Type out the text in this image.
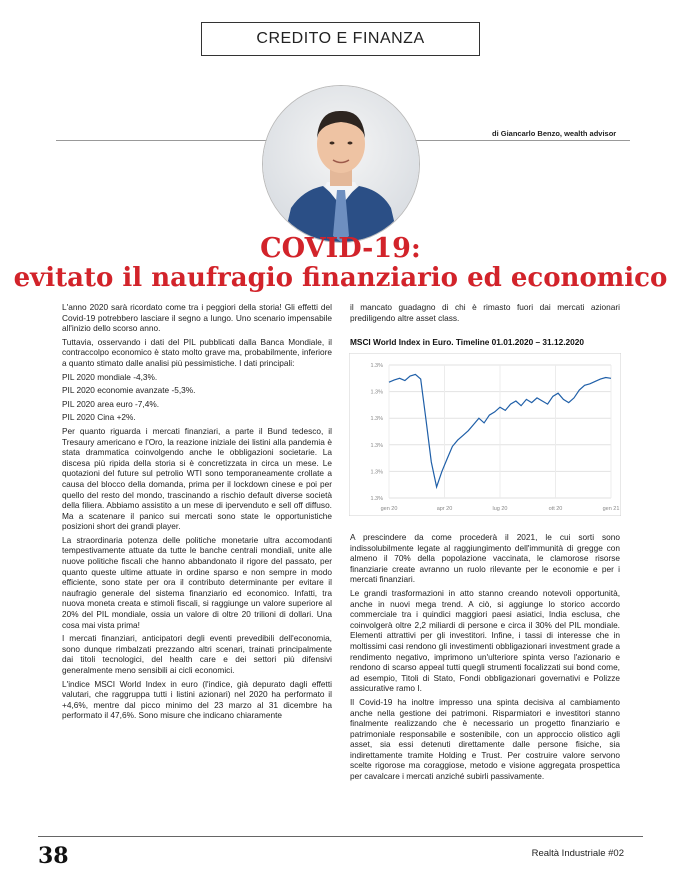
CREDITO E FINANZA
di Giancarlo Benzo, wealth advisor
COVID-19:
evitato il naufragio finanziario ed economico

L'anno 2020 sarà ricordato come tra i peggiori della storia! Gli effetti del Covid-19 potrebbero lasciare il segno a lungo. Uno scenario impensabile all'inizio dello scorso anno.

Tuttavia, osservando i dati del PIL pubblicati dalla Banca Mondiale, il contraccolpo economico è stato molto grave ma, probabilmente, inferiore a quanto stimato dalle analisi più pessimistiche. I dati principali:

PIL 2020 mondiale -4,3%.

PIL 2020 economie avanzate -5,3%.

PIL 2020 area euro -7,4%.

PIL 2020 Cina +2%.

Per quanto riguarda i mercati finanziari, a parte il Bund tedesco, il Tresaury americano e l'Oro, la reazione iniziale dei listini alla pandemia è stata drammatica coinvolgendo anche le obbligazioni societarie. La discesa più ripida della storia si è concretizzata in circa un mese. Le quotazioni del future sul petrolio WTI sono temporaneamente crollate a causa del blocco della domanda, prima per il lockdown cinese e poi per quello del resto del mondo, trascinando a rischio default diverse società della filiera. Abbiamo assistito a un mese di ipervenduto e sell off diffuso. Ma a scatenare il panico sui mercati sono state le opportunistiche posizioni short dei grandi player.

La straordinaria potenza delle politiche monetarie ultra accomodanti tempestivamente attuate da tutte le banche centrali mondiali, unite alle nuove politiche fiscali che hanno abbandonato il rigore del passato, per quanto queste ultime attuate in ordine sparso e non sempre in modo efficiente, sono state per ora il contributo determinante per evitare il naufragio generale del sistema finanziario ed economico. Infatti, tra nuova moneta creata e stimoli fiscali, si raggiunge un valore superiore al 20% del PIL mondiale, ossia un valore di oltre 20 trilioni di dollari. Una cosa mai vista prima!

I mercati finanziari, anticipatori degli eventi prevedibili dell'economia, sono dunque rimbalzati prezzando altri scenari, trainati principalmente dai titoli tecnologici, del health care e dei settori più difensivi generalmente meno sensibili ai cicli economici.

L'indice MSCI World Index in euro (l'indice, già depurato dagli effetti valutari, che raggruppa tutti i listini azionari) nel 2020 ha performato il +4,6%, mentre dal picco minimo del 23 marzo al 31 dicembre ha performato il 47,6%. Sono misure che indicano chiaramente

il mancato guadagno di chi è rimasto fuori dai mercati azionari prediligendo altre asset class.

MSCI World Index in Euro. Timeline 01.01.2020 – 31.12.2020
1.3%
1.3%
1.3%
1.3%
1.3%
1.3%
gen 20	apr 20	lug 20	ott 20	gen 21

A prescindere da come procederà il 2021, le cui sorti sono indissolubilmente legate al raggiungimento dell'immunità di gregge con almeno il 70% della popolazione vaccinata, le clamorose risorse finanziarie create avranno un ruolo rilevante per le economie e per i mercati finanziari.

Le grandi trasformazioni in atto stanno creando notevoli opportunità, anche in nuovi mega trend. A ciò, si aggiunge lo storico accordo commerciale tra i quindici maggiori paesi asiatici, India esclusa, che coinvolgerà oltre 2,2 miliardi di persone e circa il 30% del PIL mondiale. Elementi attrattivi per gli investitori. Infine, i tassi di interesse che in moltissimi casi rendono gli investimenti obbligazionari investment grade a rendimento negativo, imprimono un'ulteriore spinta verso l'azionario e rendono di scarso appeal tutti quegli strumenti focalizzati sui bond come, ad esempio, Titoli di Stato, Fondi obbligazionari governativi e Polizze assicurative ramo I.

Il Covid-19 ha inoltre impresso una spinta decisiva al cambiamento anche nella gestione dei patrimoni. Risparmiatori e investitori stanno finalmente realizzando che è necessario un progetto finanziario e patrimoniale responsabile e sostenibile, con un approccio olistico agli asset, sia essi detenuti direttamente dalle persone fisiche, sia indirettamente tramite Holding e Trust. Per costruire valore servono scelte rigorose ma coraggiose, metodo e visione aggregata prospettica per cavalcare i mercati anziché subirli passivamente.

38	Realtà Industriale #02
